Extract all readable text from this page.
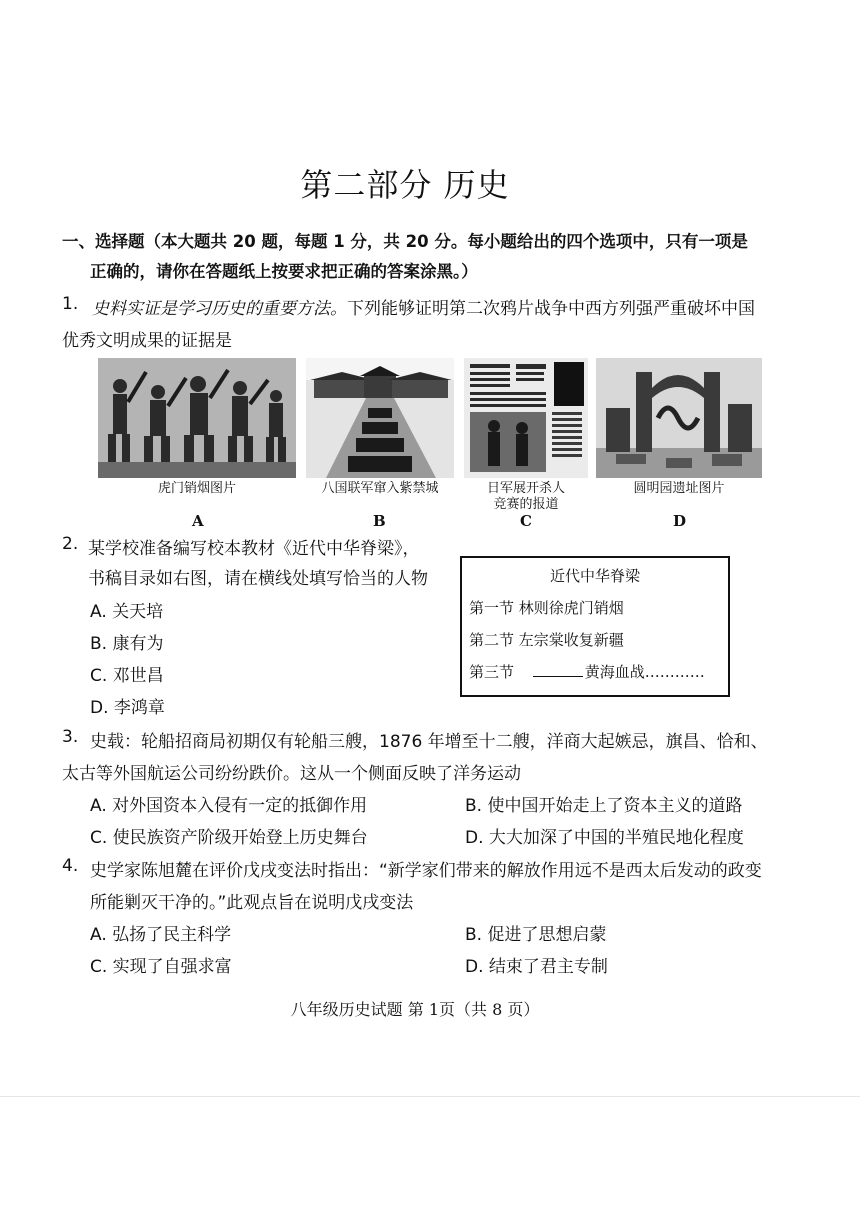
第二部分 历史
一、选择题（本大题共 20 题，每题 1 分，共 20 分。每小题给出的四个选项中，只有一项是
正确的，请你在答题纸上按要求把正确的答案涂黑。）
1. 史料实证是学习历史的重要方法。下列能够证明第二次鸦片战争中西方列强严重破坏中国
优秀文明成果的证据是
虎门销烟图片	八国联军窜入紫禁城	日军展开杀人
竞赛的报道
圆明园遗址图片
A	B	C	D
2. 某学校准备编写校本教材《近代中华脊梁》，
书稿目录如右图，请在横线处填写恰当的人物
A. 关天培
B. 康有为
C. 邓世昌
D. 李鸿章
近代中华脊梁
第一节 林则徐虎门销烟
第二节 左宗棠收复新疆
第三节	黄海血战…………
3. 史载：轮船招商局初期仅有轮船三艘，1876 年增至十二艘，洋商大起嫉忌，旗昌、恰和、
太古等外国航运公司纷纷跌价。这从一个侧面反映了洋务运动
A. 对外国资本入侵有一定的抵御作用	B. 使中国开始走上了资本主义的道路
C. 使民族资产阶级开始登上历史舞台	D. 大大加深了中国的半殖民地化程度
4. 史学家陈旭麓在评价戊戌变法时指出：“新学家们带来的解放作用远不是西太后发动的政变
所能剿灭干净的。”此观点旨在说明戊戌变法
A. 弘扬了民主科学	B. 促进了思想启蒙
C. 实现了自强求富	D. 结束了君主专制
八年级历史试题 第 1页（共 8 页）
